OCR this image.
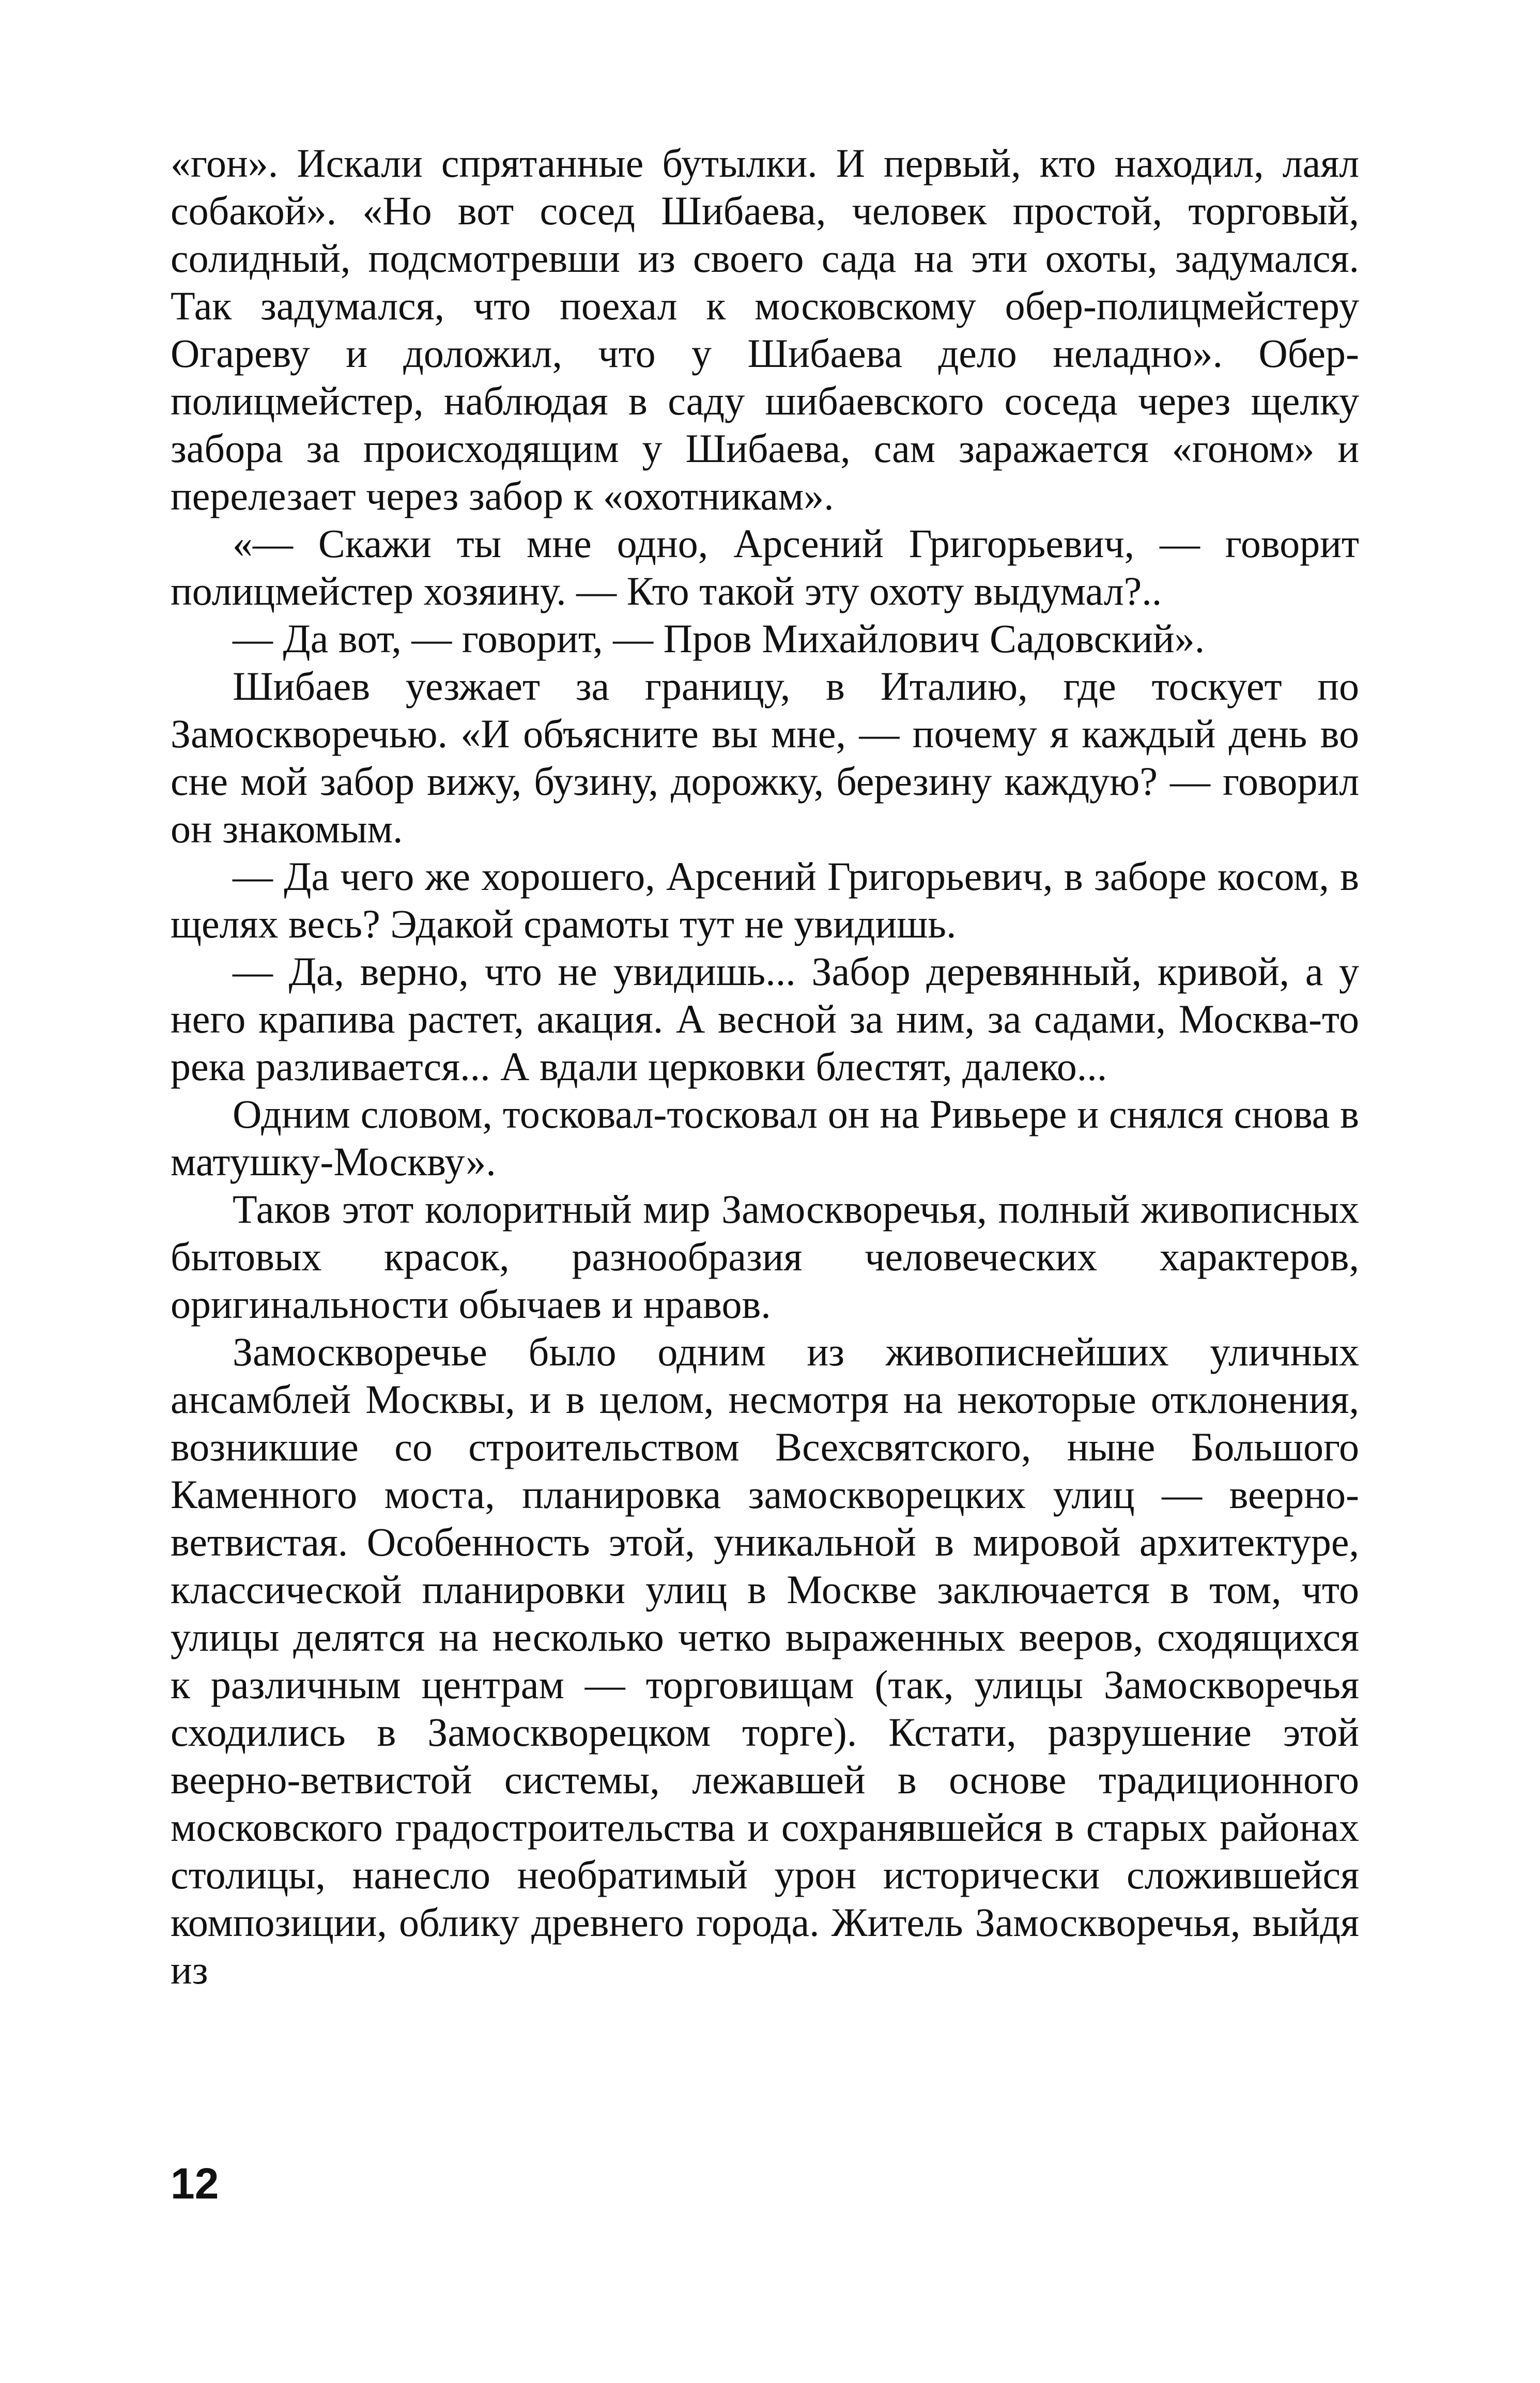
«гон». Искали спрятанные бутылки. И первый, кто находил, лаял собакой». «Но вот сосед Шибаева, человек простой, торговый, солидный, подсмотревши из своего сада на эти охоты, задумался. Так задумался, что поехал к московскому обер-полицмейстеру Огареву и доложил, что у Шибаева дело неладно». Обер-полицмейстер, наблюдая в саду шибаевского соседа через щелку забора за происходящим у Шибаева, сам заражается «гоном» и перелезает через забор к «охотникам».

«— Скажи ты мне одно, Арсений Григорьевич, — говорит полицмейстер хозяину. — Кто такой эту охоту выдумал?..

— Да вот, — говорит, — Пров Михайлович Садовский».

Шибаев уезжает за границу, в Италию, где тоскует по Замоскворечью. «И объясните вы мне, — почему я каждый день во сне мой забор вижу, бузину, дорожку, березину каждую? — говорил он знакомым.

— Да чего же хорошего, Арсений Григорьевич, в заборе косом, в щелях весь? Эдакой срамоты тут не увидишь.

— Да, верно, что не увидишь... Забор деревянный, кривой, а у него крапива растет, акация. А весной за ним, за садами, Москва-то река разливается... А вдали церковки блестят, далеко...

Одним словом, тосковал-тосковал он на Ривьере и снялся снова в матушку-Москву».

Таков этот колоритный мир Замоскворечья, полный живописных бытовых красок, разнообразия человеческих характеров, оригинальности обычаев и нравов.

Замоскворечье было одним из живописнейших уличных ансамблей Москвы, и в целом, несмотря на некоторые отклонения, возникшие со строительством Всехсвятского, ныне Большого Каменного моста, планировка замоскворецких улиц — веерно-ветвистая. Особенность этой, уникальной в мировой архитектуре, классической планировки улиц в Москве заключается в том, что улицы делятся на несколько четко выраженных вееров, сходящихся к различным центрам — торговищам (так, улицы Замоскворечья сходились в Замоскворецком торге). Кстати, разрушение этой веерно-ветвистой системы, лежавшей в основе традиционного московского градостроительства и сохранявшейся в старых районах столицы, нанесло необратимый урон исторически сложившейся композиции, облику древнего города. Житель Замоскворечья, выйдя из

12
